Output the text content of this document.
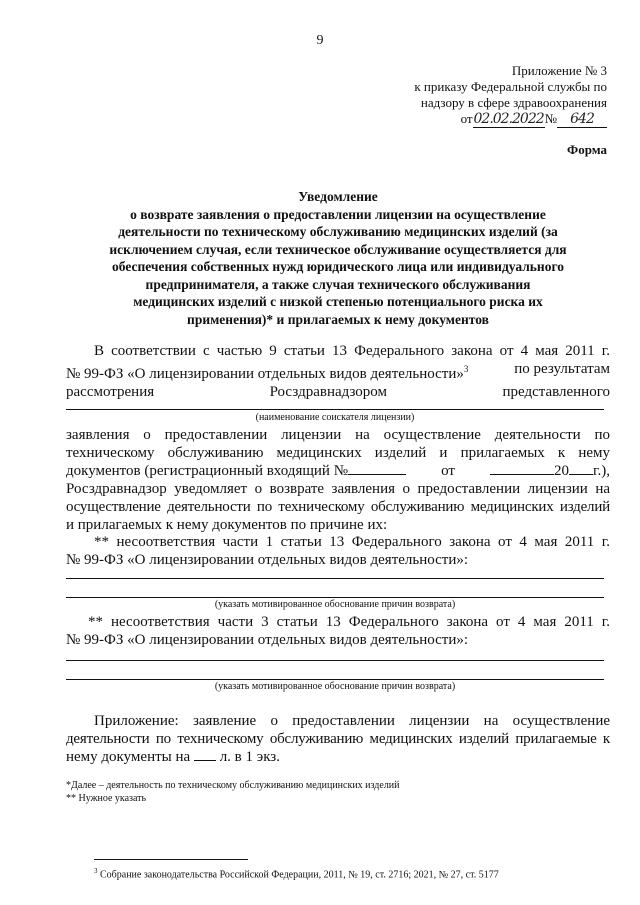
9
Приложение № 3
к приказу Федеральной службы по
надзору в сфере здравоохранения
от02.02.2022№ 642
Форма
Уведомление
о возврате заявления о предоставлении лицензии на осуществление
деятельности по техническому обслуживанию медицинских изделий (за
исключением случая, если техническое обслуживание осуществляется для
обеспечения собственных нужд юридического лица или индивидуального
предпринимателя, а также случая технического обслуживания
медицинских изделий с низкой степенью потенциального риска их
применения)* и прилагаемых к нему документов
В соответствии с частью 9 статьи 13 Федерального закона от 4 мая 2011 г.
№ 99-ФЗ «О лицензировании отдельных видов деятельности»$^3$	по результатам
рассмотрения	Росздравнадзором	представленного
(наименование соискателя лицензии)
заявления о предоставлении лицензии на осуществление деятельности по
техническому обслуживанию медицинских изделий и прилагаемых к нему
документов (регистрационный входящий №	от	20 г.),
Росздравнадзор уведомляет о возврате заявления о предоставлении лицензии на
осуществление деятельности по техническому обслуживанию медицинских изделий
и прилагаемых к нему документов по причине их:
** несоответствия части 1 статьи 13 Федерального закона от 4 мая 2011 г.
№ 99-ФЗ «О лицензировании отдельных видов деятельности»:
(указать мотивированное обоснование причин возврата)
** несоответствия части 3 статьи 13 Федерального закона от 4 мая 2011 г.
№ 99-ФЗ «О лицензировании отдельных видов деятельности»:
(указать мотивированное обоснование причин возврата)
Приложение: заявление о предоставлении лицензии на осуществление
деятельности по техническому обслуживанию медицинских изделий прилагаемые к
нему документы на л. в 1 экз.
*Далее – деятельность по техническому обслуживанию медицинских изделий
** Нужное указать
$^3$ Собрание законодательства Российской Федерации, 2011, № 19, ст. 2716; 2021, № 27, ст. 5177
